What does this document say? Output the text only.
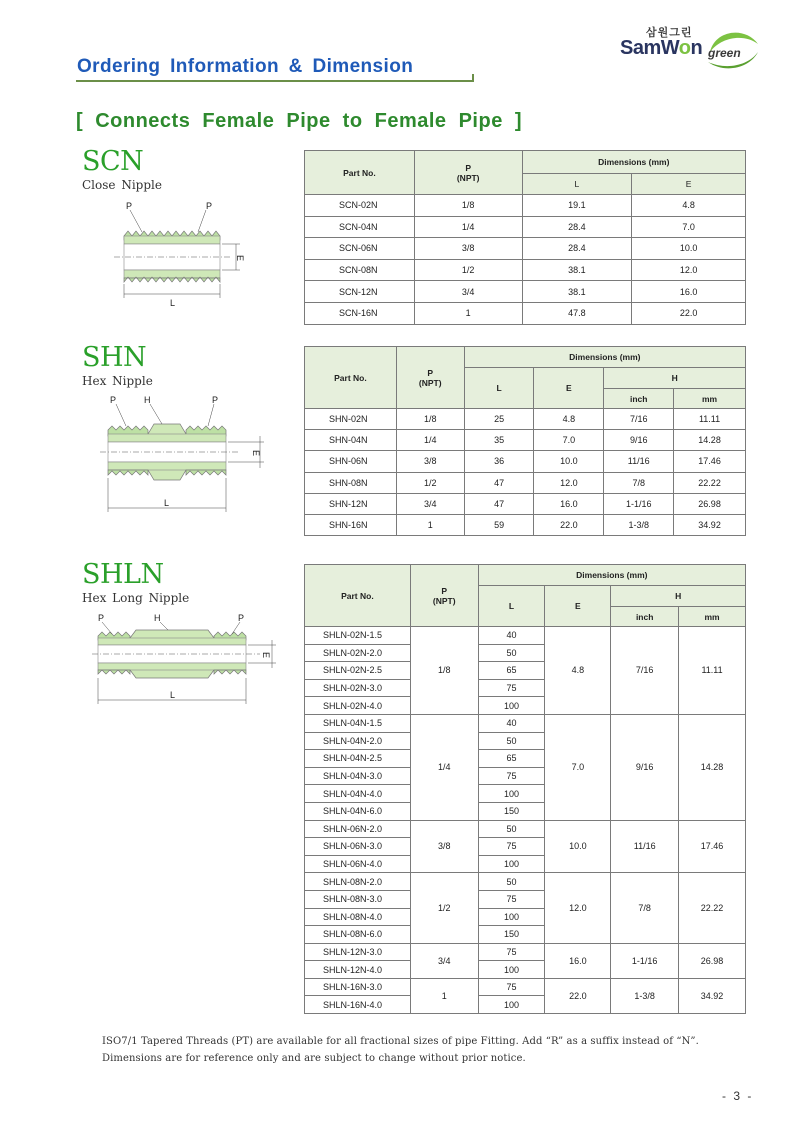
삼원그린
SamWon green
Ordering Information & Dimension
[ Connects Female Pipe to Female Pipe ]
SCN
Close Nipple
P	P
E
L
Part No.	P
(NPT)	Dimensions (mm)	
		L	E
SCN-02N	1/8	19.1	4.8
SCN-04N	1/4	28.4	7.0
SCN-06N	3/8	28.4	10.0
SCN-08N	1/2	38.1	12.0
SCN-12N	3/4	38.1	16.0
SCN-16N	1	47.8	22.0
SHN
Hex Nipple
P	H	P
E
L
Part No.	P
(NPT)	Dimensions (mm)			
		L	E	H	
				inch	mm
SHN-02N	1/8	25	4.8	7/16	11.11
SHN-04N	1/4	35	7.0	9/16	14.28
SHN-06N	3/8	36	10.0	11/16	17.46
SHN-08N	1/2	47	12.0	7/8	22.22
SHN-12N	3/4	47	16.0	1-1/16	26.98
SHN-16N	1	59	22.0	1-3/8	34.92
SHLN
Hex Long Nipple
P	H	P
E
L
Part No.	P
(NPT)	Dimensions (mm)			
		L	E	H	
				inch	mm
SHLN-02N-1.5	1/8	40	4.8	7/16	11.11
SHLN-02N-2.0		50			
SHLN-02N-2.5		65			
SHLN-02N-3.0		75			
SHLN-02N-4.0		100			
SHLN-04N-1.5	1/4	40	7.0	9/16	14.28
SHLN-04N-2.0		50			
SHLN-04N-2.5		65			
SHLN-04N-3.0		75			
SHLN-04N-4.0		100			
SHLN-04N-6.0		150			
SHLN-06N-2.0	3/8	50	10.0	11/16	17.46
SHLN-06N-3.0		75			
SHLN-06N-4.0		100			
SHLN-08N-2.0	1/2	50	12.0	7/8	22.22
SHLN-08N-3.0		75			
SHLN-08N-4.0		100			
SHLN-08N-6.0		150			
SHLN-12N-3.0	3/4	75	16.0	1-1/16	26.98
SHLN-12N-4.0		100			
SHLN-16N-3.0	1	75	22.0	1-3/8	34.92
SHLN-16N-4.0		100			
ISO7/1 Tapered Threads (PT) are available for all fractional sizes of pipe Fitting. Add “R” as a suffix instead of “N”.
Dimensions are for reference only and are subject to change without prior notice.
- 3 -
